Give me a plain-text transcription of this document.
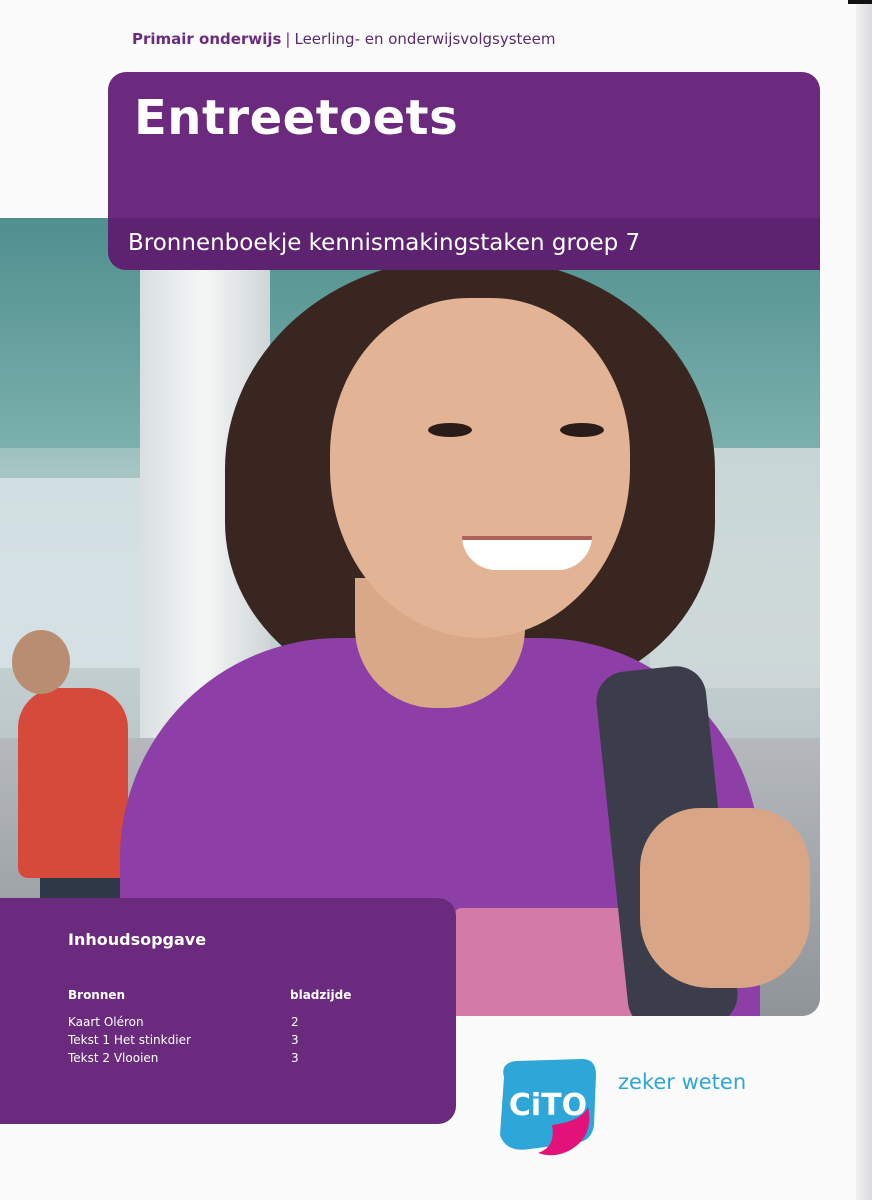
Primair onderwijs | Leerling- en onderwijsvolgsysteem
Entreetoets
Bronnenboekje kennismakingstaken groep 7
Inhoudsopgave
Bronnen	bladzijde
Kaart Oléron	2
Tekst 1 Het stinkdier	3
Tekst 2 Vlooien	3
CiTO
zeker weten
